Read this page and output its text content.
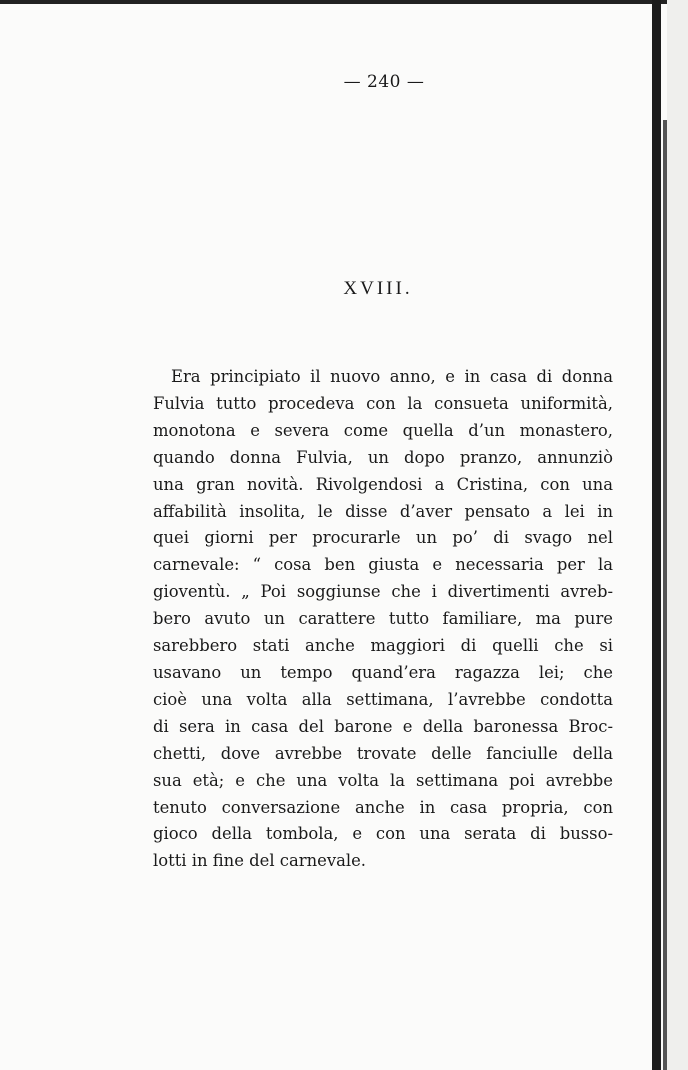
— 240 —
XVIII.
Era principiato il nuovo anno, e in casa di donna
Fulvia tutto procedeva con la consueta uniformità,
monotona e severa come quella d’un monastero,
quando donna Fulvia, un dopo pranzo, annunziò
una gran novità. Rivolgendosi a Cristina, con una
affabilità insolita, le disse d’aver pensato a lei in
quei giorni per procurarle un po’ di svago nel
carnevale: “ cosa ben giusta e necessaria per la
gioventù. „ Poi soggiunse che i divertimenti avreb-
bero avuto un carattere tutto familiare, ma pure
sarebbero stati anche maggiori di quelli che si
usavano un tempo quand’era ragazza lei; che
cioè una volta alla settimana, l’avrebbe condotta
di sera in casa del barone e della baronessa Broc-
chetti, dove avrebbe trovate delle fanciulle della
sua età; e che una volta la settimana poi avrebbe
tenuto conversazione anche in casa propria, con
gioco della tombola, e con una serata di busso-
lotti in fine del carnevale.
